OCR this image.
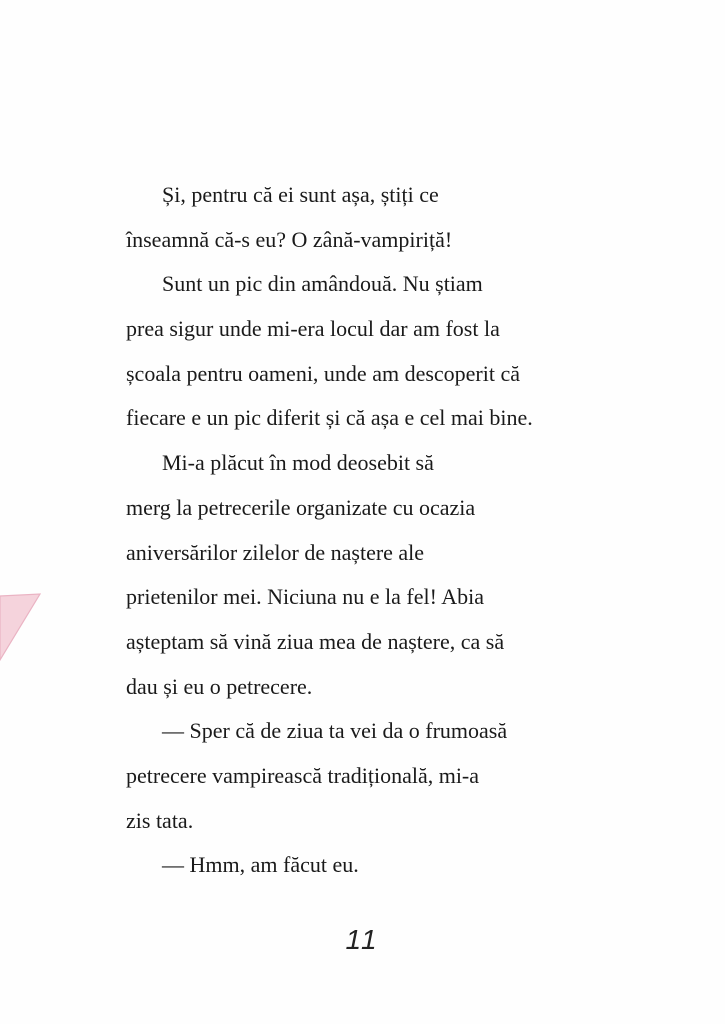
Și, pentru că ei sunt așa, știți ce
înseamnă că-s eu? O zână-vampiriță!
Sunt un pic din amândouă. Nu știam
prea sigur unde mi-era locul dar am fost la
școala pentru oameni, unde am descoperit că
fiecare e un pic diferit și că așa e cel mai bine.
Mi-a plăcut în mod deosebit să
merg la petrecerile organizate cu ocazia
aniversărilor zilelor de naștere ale
prietenilor mei. Niciuna nu e la fel! Abia
așteptam să vină ziua mea de naștere, ca să
dau și eu o petrecere.
— Sper că de ziua ta vei da o frumoasă
petrecere vampirească tradițională, mi-a
zis tata.
— Hmm, am făcut eu.
11
